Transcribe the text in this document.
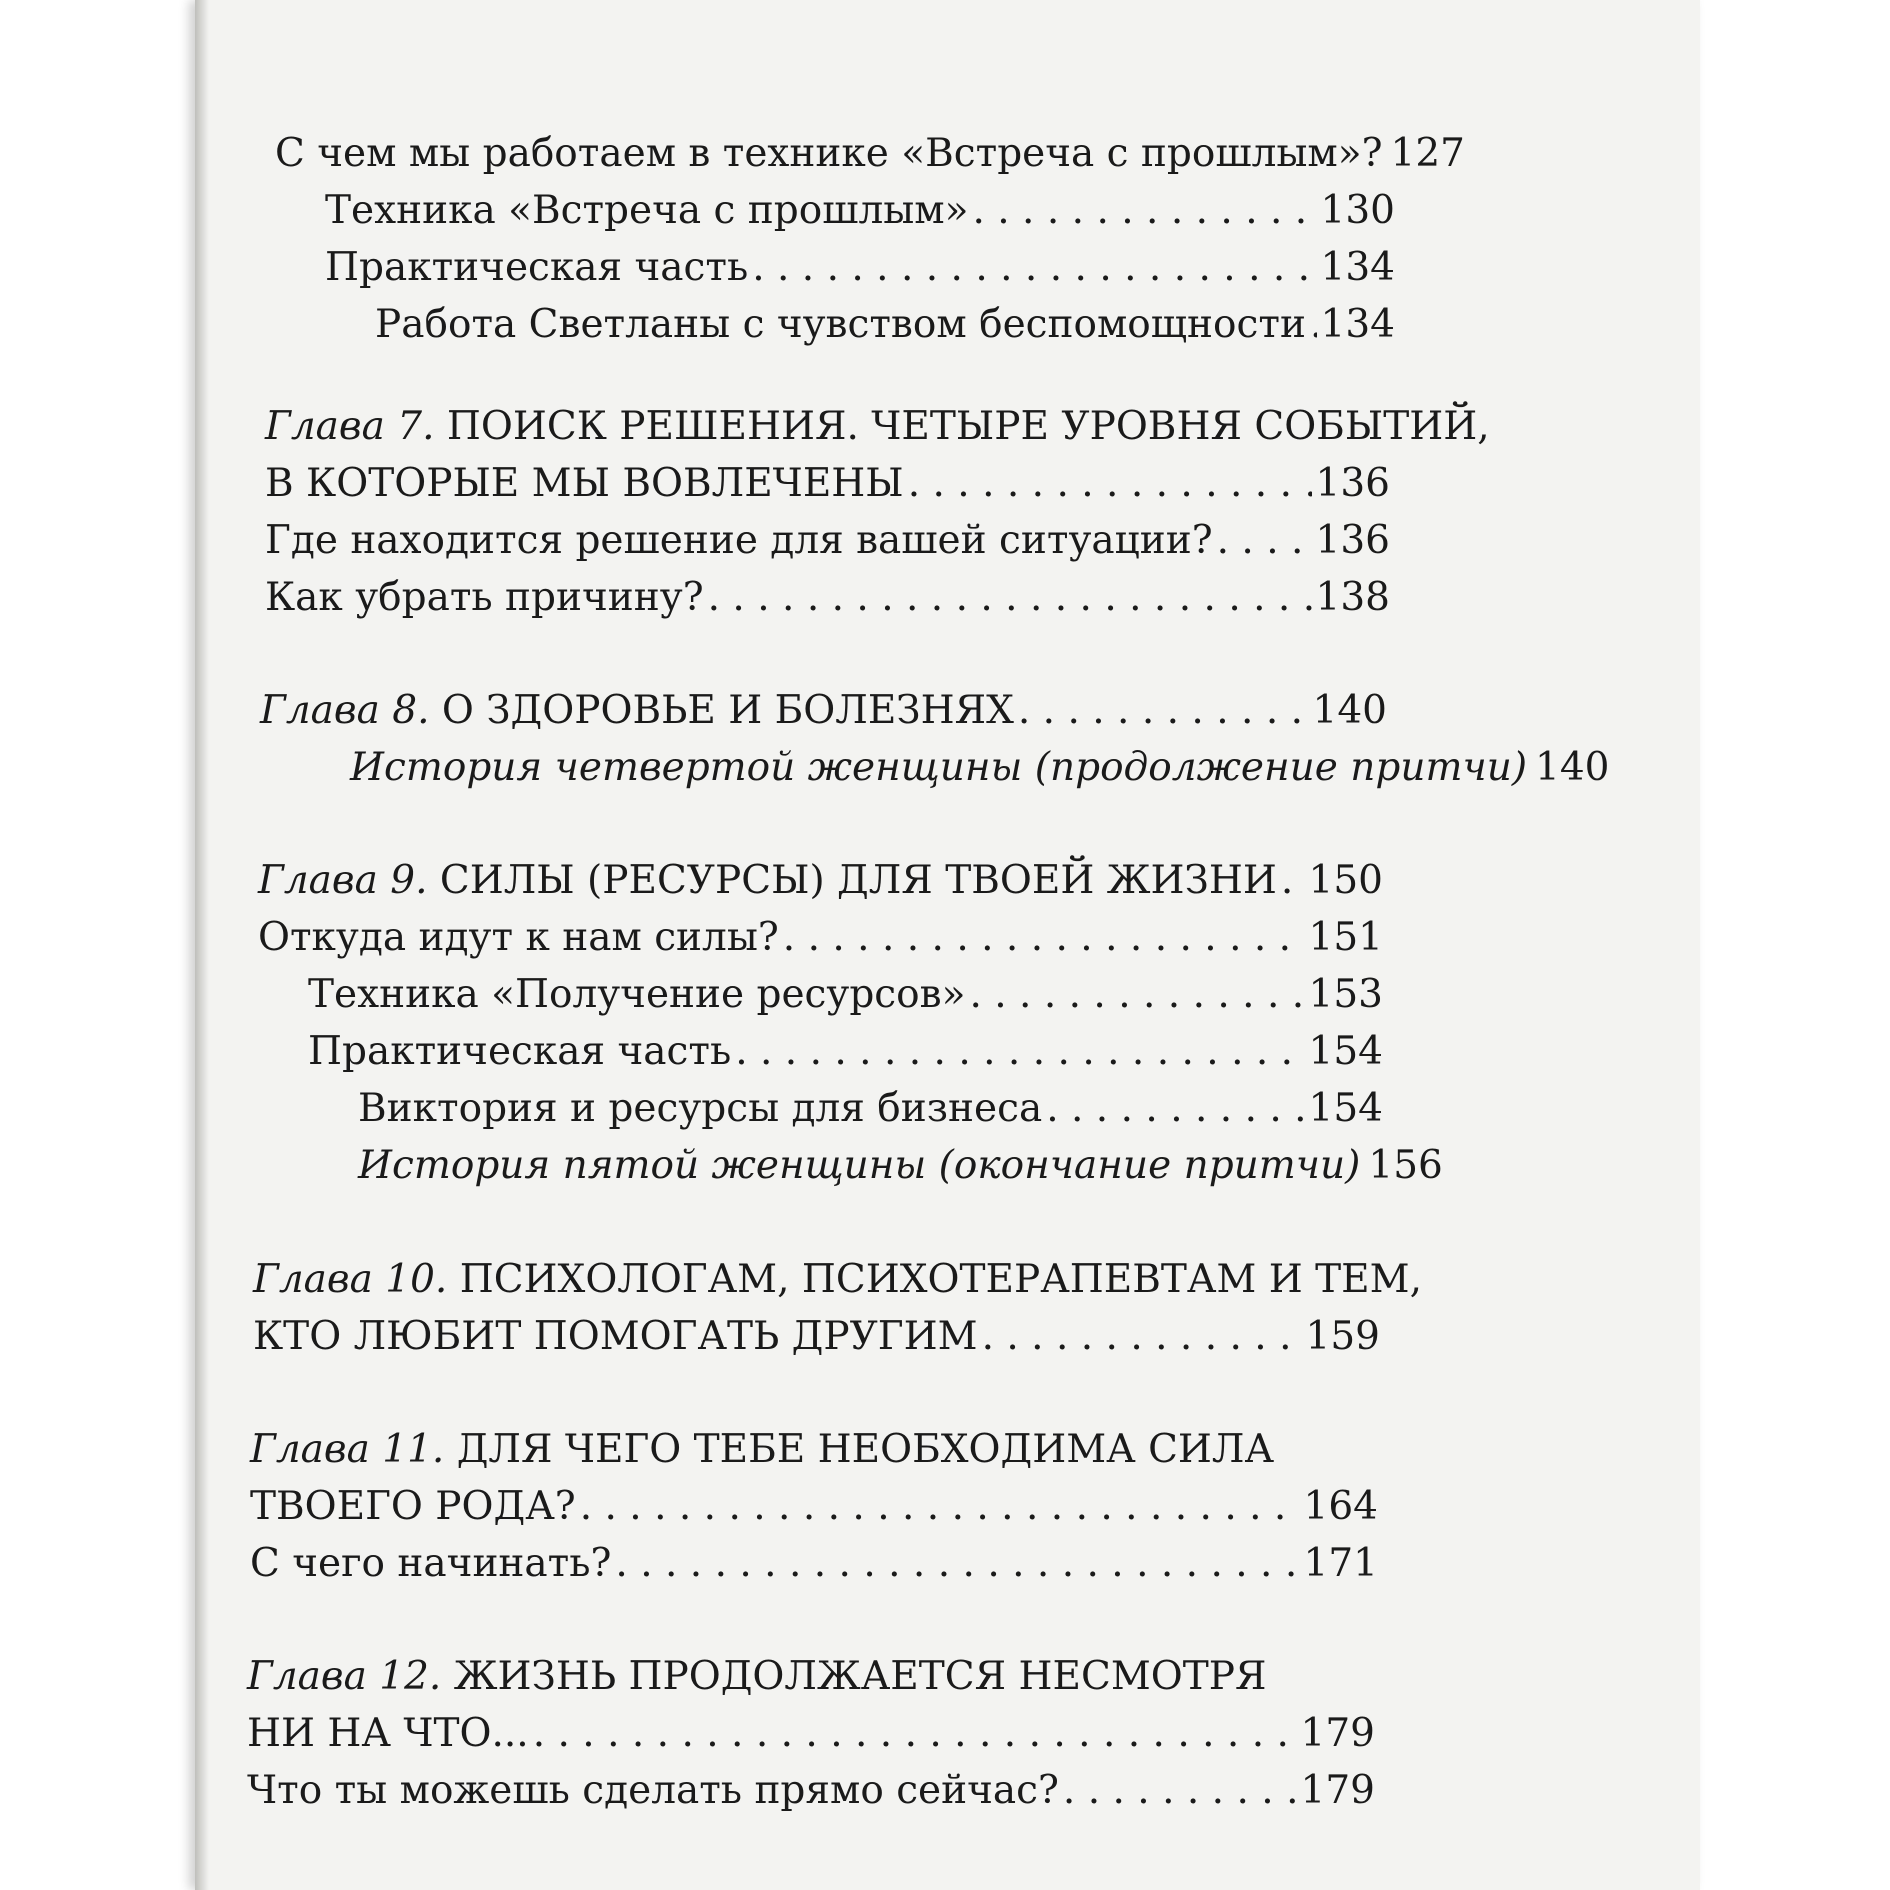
С чем мы работаем в технике «Встреча с прошлым»? 127
Техника «Встреча с прошлым» . . .	130
Практическая часть . . .	134
Работа Светланы с чувством беспомощности . . . 134
Глава 7. ПОИСК РЕШЕНИЯ. ЧЕТЫРЕ УРОВНЯ СОБЫТИЙ,
В КОТОРЫЕ МЫ ВОВЛЕЧЕНЫ . . .	136
Где находится решение для вашей ситуации? . . .	136
Как убрать причину? . . .	138
Глава 8. О ЗДОРОВЬЕ И БОЛЕЗНЯХ . . .	140
История четвертой женщины (продолжение притчи) 140
Глава 9. СИЛЫ (РЕСУРСЫ) ДЛЯ ТВОЕЙ ЖИЗНИ . . . 150
Откуда идут к нам силы? . . .	151
Техника «Получение ресурсов» . . .	153
Практическая часть . . .	154
Виктория и ресурсы для бизнеса . . .	154
История пятой женщины (окончание притчи) 156
Глава 10. ПСИХОЛОГАМ, ПСИХОТЕРАПЕВТАМ И ТЕМ,
КТО ЛЮБИТ ПОМОГАТЬ ДРУГИМ . . .	159
Глава 11. ДЛЯ ЧЕГО ТЕБЕ НЕОБХОДИМА СИЛА
ТВОЕГО РОДА? . . .	164
С чего начинать? . . .	171
Глава 12. ЖИЗНЬ ПРОДОЛЖАЕТСЯ НЕСМОТРЯ
НИ НА ЧТО... . . .	179
Что ты можешь сделать прямо сейчас? . . .	179
